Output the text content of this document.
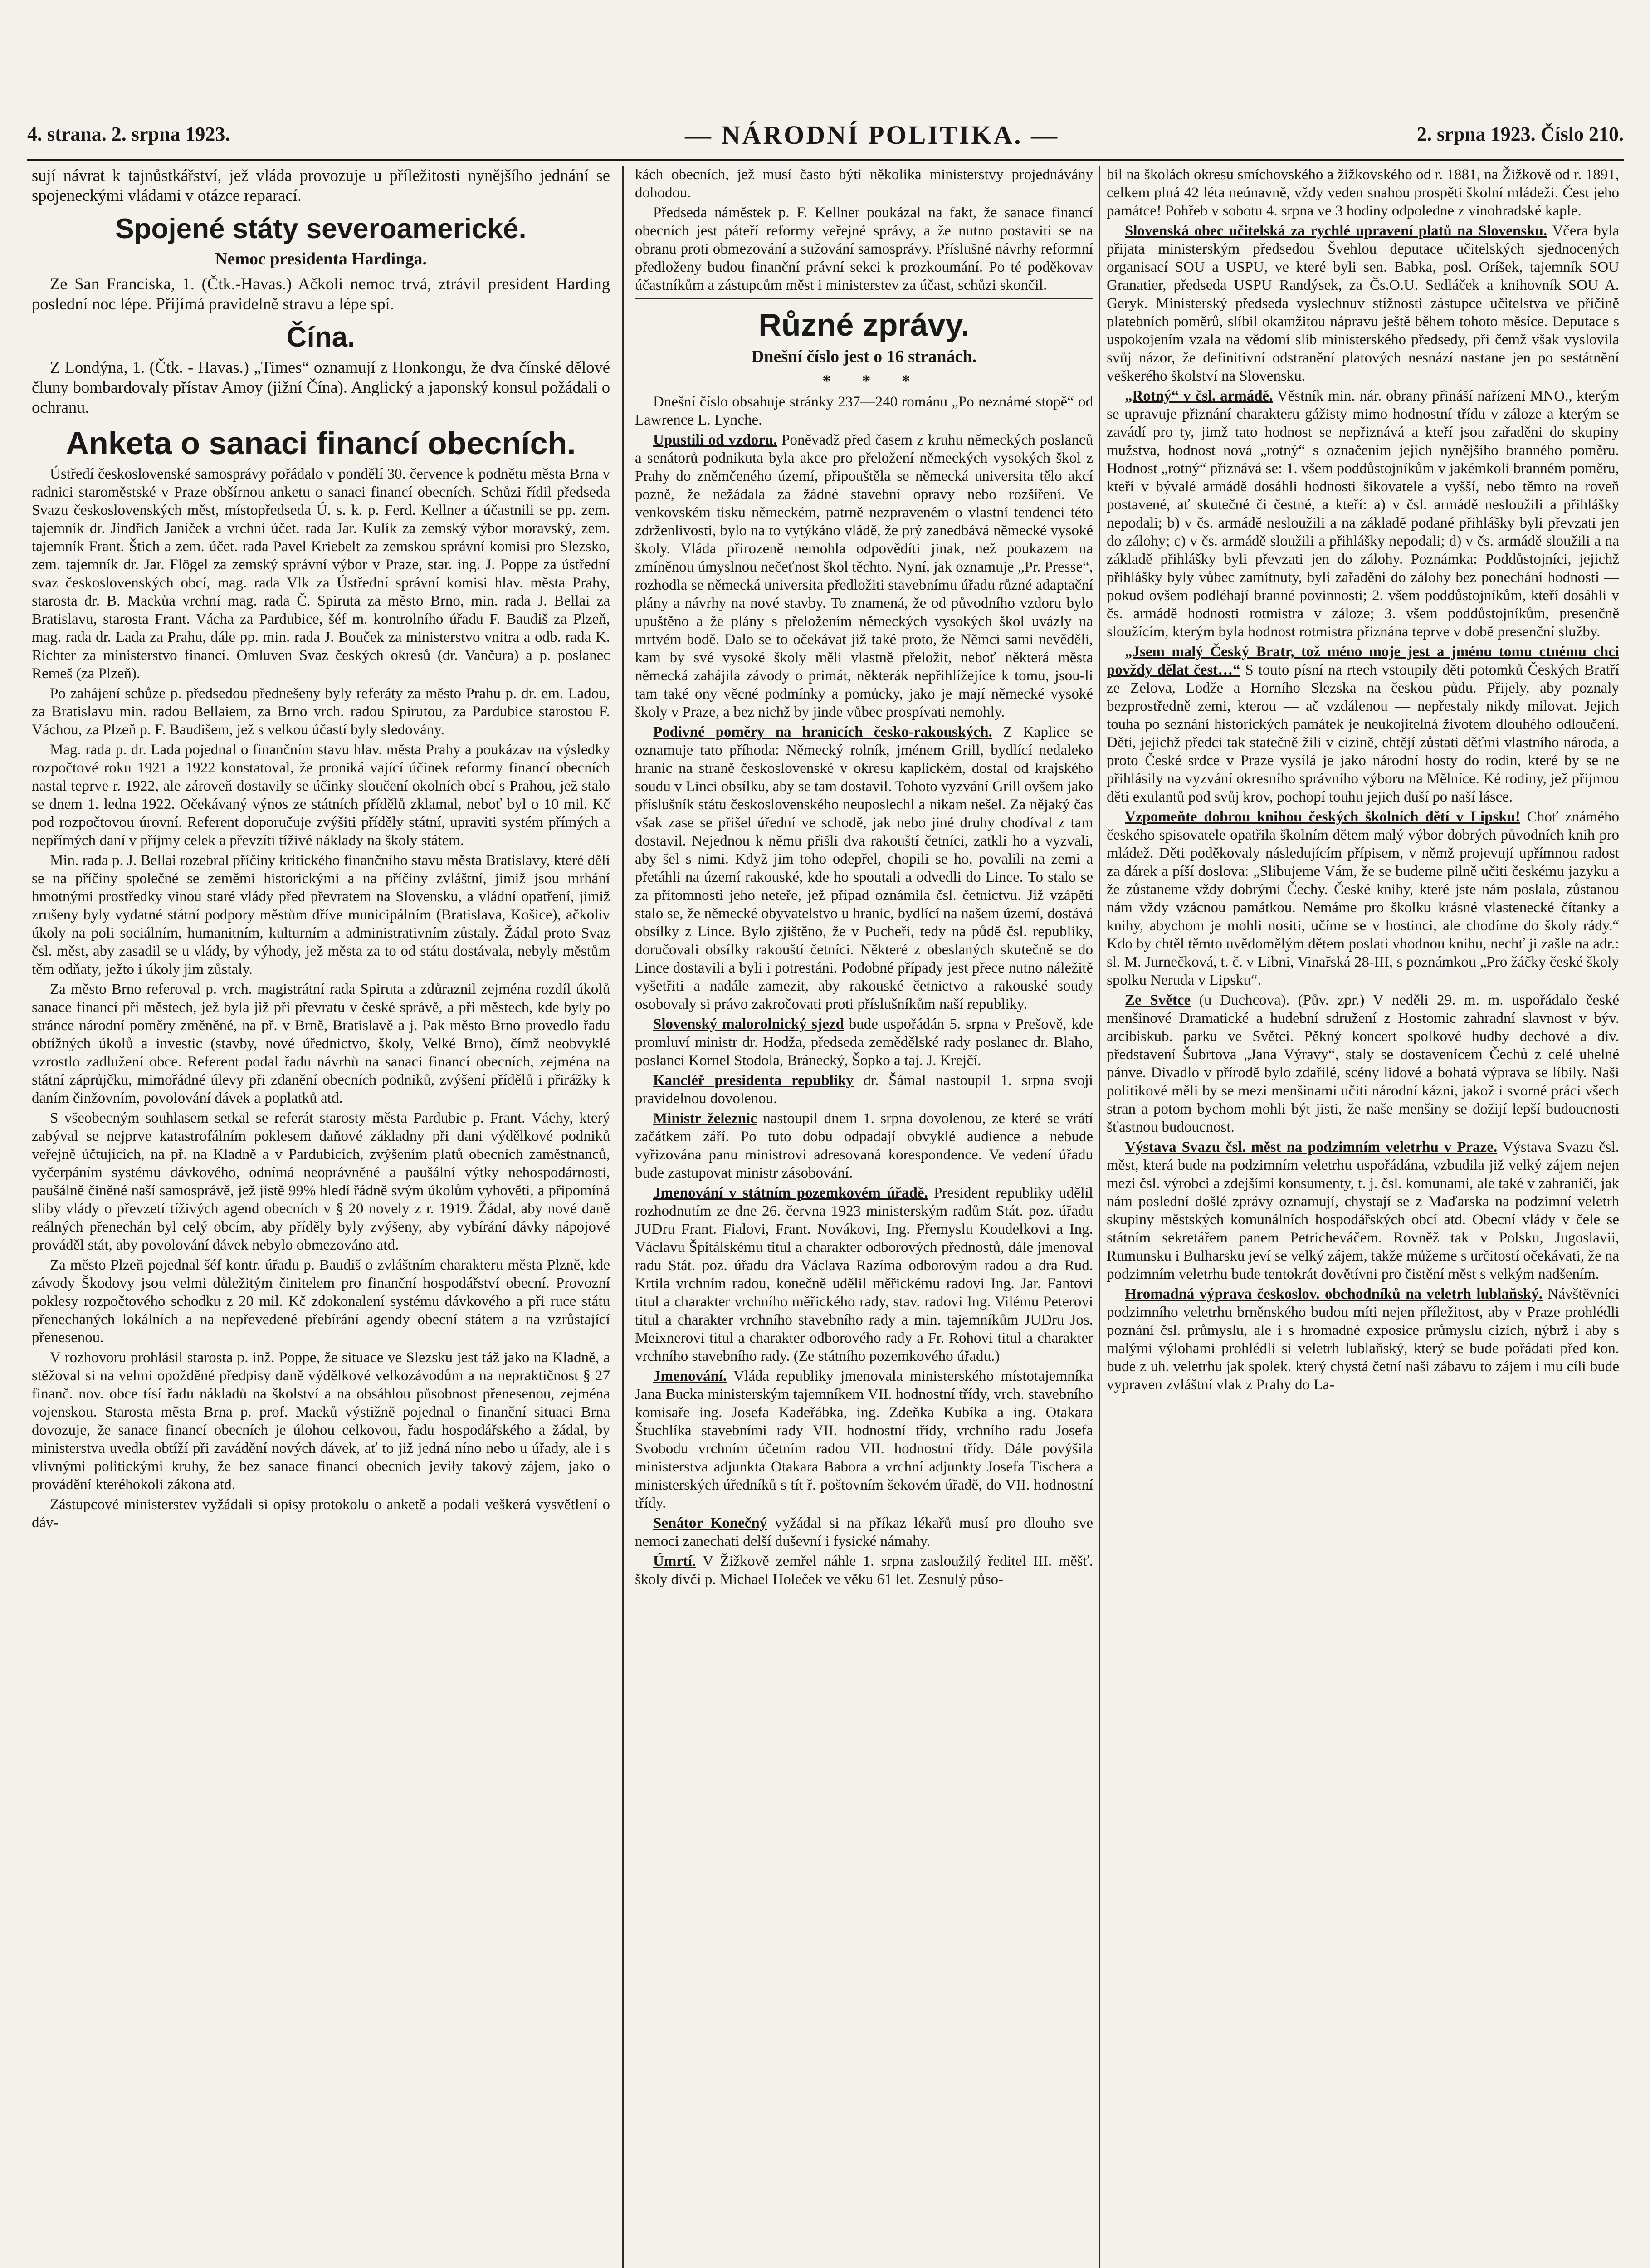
4. strana. 2. srpna 1923.	— NÁRODNÍ POLITIKA. —	2. srpna 1923. Číslo 210.

sují návrat k tajnůstkářství, jež vláda provozuje u příležitosti nynějšího jednání se spojeneckými vládami v otázce reparací.

Spojené státy severoamerické.
Nemoc presidenta Hardinga.

Ze San Franciska, 1. (Čtk.-Havas.) Ačkoli nemoc trvá, ztrávil president Harding poslední noc lépe. Přijímá pravidelně stravu a lépe spí.

Čína.

Z Londýna, 1. (Čtk. - Havas.) „Times“ oznamují z Honkongu, že dva čínské dělové čluny bombardovaly přístav Amoy (jižní Čína). Anglický a japonský konsul požádali o ochranu.

Anketa o sanaci financí obecních.

Ústředí československé samosprávy pořádalo v pondělí 30. července k podnětu města Brna v radnici staroměstské v Praze obšírnou anketu o sanaci financí obecních. Schůzi řídil předseda Svazu československých měst, místopředseda Ú. s. k. p. Ferd. Kellner a účastnili se pp. zem. tajemník dr. Jindřich Janíček a vrchní účet. rada Jar. Kulík za zemský výbor moravský, zem. tajemník Frant. Štich a zem. účet. rada Pavel Kriebelt za zemskou správní komisi pro Slezsko, zem. tajemník dr. Jar. Flögel za zemský správní výbor v Praze, star. ing. J. Poppe za ústřední svaz československých obcí, mag. rada Vlk za Ústřední správní komisi hlav. města Prahy, starosta dr. B. Mackůa vrchní mag. rada Č. Spiruta za město Brno, min. rada J. Bellai za Bratislavu, starosta Frant. Vácha za Pardubice, šéf m. kontrolního úřadu F. Baudiš za Plzeň, mag. rada dr. Lada za Prahu, dále pp. min. rada J. Bouček za ministerstvo vnitra a odb. rada K. Richter za ministerstvo financí. Omluven Svaz českých okresů (dr. Vančura) a p. poslanec Remeš (za Plzeň).

Po zahájení schůze p. předsedou přednešeny byly referáty za město Prahu p. dr. em. Ladou, za Bratislavu min. radou Bellaiem, za Brno vrch. radou Spirutou, za Pardubice starostou F. Váchou, za Plzeň p. F. Baudišem, jež s velkou účastí byly sledovány.

Mag. rada p. dr. Lada pojednal o finančním stavu hlav. města Prahy a poukázav na výsledky rozpočtové roku 1921 a 1922 konstatoval, že proniká vající účinek reformy financí obecních nastal teprve r. 1922, ale zároveň dostavily se účinky sloučení okolních obcí s Prahou, jež stalo se dnem 1. ledna 1922. Očekávaný výnos ze státních přídělů zklamal, neboť byl o 10 mil. Kč pod rozpočtovou úrovní. Referent doporučuje zvýšiti příděly státní, upraviti systém přímých a nepřímých daní v příjmy celek a převzíti tíživé náklady na školy státem.

Min. rada p. J. Bellai rozebral příčiny kritického finančního stavu města Bratislavy, které dělí se na příčiny společné se zeměmi historickými a na příčiny zvláštní, jimiž jsou mrhání hmotnými prostředky vinou staré vlády před převratem na Slovensku, a vládní opatření, jimiž zrušeny byly vydatné státní podpory městům dříve municipálním (Bratislava, Košice), ačkoliv úkoly na poli sociálním, humanitním, kulturním a administrativním zůstaly. Žádal proto Svaz čsl. měst, aby zasadil se u vlády, by výhody, jež města za to od státu dostávala, nebyly městům těm odňaty, ježto i úkoly jim zůstaly.

Za město Brno referoval p. vrch. magistrátní rada Spiruta a zdůraznil zejména rozdíl úkolů sanace financí při městech, jež byla již při převratu v české správě, a při městech, kde byly po stránce národní poměry změněné, na př. v Brně, Bratislavě a j. Pak město Brno provedlo řadu obtížných úkolů a investic (stavby, nové úřednictvo, školy, Velké Brno), čímž neobvyklé vzrostlo zadlužení obce. Referent podal řadu návrhů na sanaci financí obecních, zejména na státní záprůjčku, mimořádné úlevy při zdanění obecních podniků, zvýšení přídělů i přirážky k daním činžovním, povolování dávek a poplatků atd.

S všeobecným souhlasem setkal se referát starosty města Pardubic p. Frant. Váchy, který zabýval se nejprve katastrofálním poklesem daňové základny při dani výdělkové podniků veřejně účtujících, na př. na Kladně a v Pardubicích, zvýšením platů obecních zaměstnanců, vyčerpáním systému dávkového, odnímá neoprávněné a paušální výtky nehospodárnosti, paušálně činěné naší samosprávě, jež jistě 99% hledí řádně svým úkolům vyhověti, a připomíná sliby vlády o převzetí tíživých agend obecních v § 20 novely z r. 1919. Žádal, aby nové daně reálných přenechán byl celý obcím, aby příděly byly zvýšeny, aby vybírání dávky nápojové prováděl stát, aby povolování dávek nebylo obmezováno atd.

Za město Plzeň pojednal šéf kontr. úřadu p. Baudiš o zvláštním charakteru města Plzně, kde závody Škodovy jsou velmi důležitým činitelem pro finanční hospodářství obecní. Provozní poklesy rozpočtového schodku z 20 mil. Kč zdokonalení systému dávkového a při ruce státu přenechaných lokálních a na nepřevedené přebírání agendy obecní státem a na vzrůstající přenesenou.

V rozhovoru prohlásil starosta p. inž. Poppe, že situace ve Slezsku jest táž jako na Kladně, a stěžoval si na velmi opožděné předpisy daně výdělkové velkozávodům a na nepraktičnost § 27 finanč. nov. obce tísí řadu nákladů na školství a na obsáhlou působnost přenesenou, zejména vojenskou. Starosta města Brna p. prof. Macků výstižně pojednal o finanční situaci Brna dovozuje, že sanace financí obecních je úlohou celkovou, řadu hospodářského a žádal, by ministerstva uvedla obtíží při zavádění nových dávek, ať to již jedná níno nebo u úřady, ale i s vlivnými politickými kruhy, že bez sanace financí obecních jeviły takový zájem, jako o provádění kteréhokoli zákona atd.

Zástupcové ministerstev vyžádali si opisy protokolu o anketě a podali veškerá vysvětlení o dáv-

kách obecních, jež musí často býti několika ministerstvy projednávány dohodou.

Předseda náměstek p. F. Kellner poukázal na fakt, že sanace financí obecních jest páteří reformy veřejné správy, a že nutno postaviti se na obranu proti obmezování a sužování samosprávy. Příslušné návrhy reformní předloženy budou finanční právní sekci k prozkoumání. Po té poděkovav účastníkům a zástupcům měst i ministerstev za účast, schůzi skončil.

Různé zprávy.
Dnešní číslo jest o 16 stranách.

* * *

Dnešní číslo obsahuje stránky 237—240 románu „Po neznámé stopě“ od Lawrence L. Lynche.

Upustili od vzdoru. Poněvadž před časem z kruhu německých poslanců a senátorů podnikuta byla akce pro přeložení německých vysokých škol z Prahy do zněmčeného území, připouštěla se německá universita tělo akcí pozně, že nežádala za žádné stavební opravy nebo rozšíření. Ve venkovském tisku německém, patrně nezpraveném o vlastní tendenci této zdrženlivosti, bylo na to vytýkáno vládě, že prý zanedbává německé vysoké školy. Vláda přirozeně nemohla odpovědíti jinak, než poukazem na zmíněnou úmyslnou nečeťnost škol těchto. Nyní, jak oznamuje „Pr. Presse“, rozhodla se německá universita předložiti stavebnímu úřadu různé adaptační plány a návrhy na nové stavby. To znamená, že od původního vzdoru bylo upuštěno a že plány s přeložením německých vysokých škol uvázly na mrtvém bodě. Dalo se to očekávat již také proto, že Němci sami nevěděli, kam by své vysoké školy měli vlastně přeložit, neboť některá města německá zahájila závody o primát, některák nepřihlížejíce k tomu, jsou-li tam také ony věcné podmínky a pomůcky, jako je mají německé vysoké školy v Praze, a bez nichž by jinde vůbec prospívati nemohly.

Podivné poměry na hranicích česko-rakouských. Z Kaplice se oznamuje tato příhoda: Německý rolník, jménem Grill, bydlící nedaleko hranic na straně československé v okresu kaplickém, dostal od krajského soudu v Linci obsílku, aby se tam dostavil. Tohoto vyzvání Grill ovšem jako příslušník státu československého neuposlechl a nikam nešel. Za nějaký čas však zase se přišel úřední ve schodě, jak nebo jiné druhy chodíval z tam dostavil. Nejednou k němu přišli dva rakouští četníci, zatkli ho a vyzvali, aby šel s nimi. Když jim toho odepřel, chopili se ho, povalili na zemi a přetáhli na území rakouské, kde ho spoutali a odvedli do Lince. To stalo se za přítomnosti jeho neteře, jež případ oznámila čsl. četnictvu. Již vzápětí stalo se, že německé obyvatelstvo u hranic, bydlící na našem území, dostává obsílky z Lince. Bylo zjištěno, že v Pucheři, tedy na půdě čsl. republiky, doručovali obsílky rakouští četníci. Některé z obeslaných skutečně se do Lince dostavili a byli i potrestáni. Podobné případy jest přece nutno náležitě vyšetřiti a nadále zamezit, aby rakouské četnictvo a rakouské soudy osobovaly si právo zakročovati proti příslušníkům naší republiky.

Slovenský malorolnický sjezd bude uspořádán 5. srpna v Prešově, kde promluví ministr dr. Hodža, předseda zemědělské rady poslanec dr. Blaho, poslanci Kornel Stodola, Bránecký, Šopko a taj. J. Krejčí.

Kancléř presidenta republiky dr. Šámal nastoupil 1. srpna svoji pravidelnou dovolenou.

Ministr železnic nastoupil dnem 1. srpna dovolenou, ze které se vrátí začátkem září. Po tuto dobu odpadají obvyklé audience a nebude vyřizována panu ministrovi adresovaná korespondence. Ve vedení úřadu bude zastupovat ministr zásobování.

Jmenování v státním pozemkovém úřadě. President republiky udělil rozhodnutím ze dne 26. června 1923 ministerským radům Stát. poz. úřadu JUDru Frant. Fialovi, Frant. Novákovi, Ing. Přemyslu Koudelkovi a Ing. Václavu Špitálskému titul a charakter odborových přednostů, dále jmenoval radu Stát. poz. úřadu dra Václava Razíma odborovým radou a dra Rud. Krtila vrchním radou, konečně udělil měřickému radovi Ing. Jar. Fantovi titul a charakter vrchního měřického rady, stav. radovi Ing. Vilému Peterovi titul a charakter vrchního stavebního rady a min. tajemníkům JUDru Jos. Meixnerovi titul a charakter odborového rady a Fr. Rohovi titul a charakter vrchního stavebního rady. (Ze státního pozemkového úřadu.)

Jmenování. Vláda republiky jmenovala ministerského místotajemníka Jana Bucka ministerským tajemníkem VII. hodnostní třídy, vrch. stavebního komisaře ing. Josefa Kadeřábka, ing. Zdeňka Kubíka a ing. Otakara Štuchlíka stavebními rady VII. hodnostní třídy, vrchního radu Josefa Svobodu vrchním účetním radou VII. hodnostní třídy. Dále povýšila ministerstva adjunkta Otakara Babora a vrchní adjunkty Josefa Tischera a ministerských úředníků s tít ř. poštovním šekovém úřadě, do VII. hodnostní třídy.

Senátor Konečný vyžádal si na příkaz lékařů musí pro dlouho sve nemoci zanechati delší duševní i fysické námahy.

Úmrtí. V Žižkově zemřel náhle 1. srpna zasloužilý ředitel III. měšť. školy dívčí p. Michael Holeček ve věku 61 let. Zesnulý půso-

bil na školách okresu smíchovského a žižkovského od r. 1881, na Žižkově od r. 1891, celkem plná 42 léta neúnavně, vždy veden snahou prospěti školní mládeži. Čest jeho památce! Pohřeb v sobotu 4. srpna ve 3 hodiny odpoledne z vinohradské kaple.

Slovenská obec učitelská za rychlé upravení platů na Slovensku. Včera byla přijata ministerským předsedou Švehlou deputace učitelských sjednocených organisací SOU a USPU, ve které byli sen. Babka, posl. Oríšek, tajemník SOU Granatier, předseda USPU Randýsek, za Čs.O.U. Sedláček a knihovník SOU A. Geryk. Ministerský předseda vyslechnuv stížnosti zástupce učitelstva ve příčině platebních poměrů, slíbil okamžitou nápravu ještě během tohoto měsíce. Deputace s uspokojením vzala na vědomí slib ministerského předsedy, při čemž však vyslovila svůj názor, že definitivní odstranění platových nesnází nastane jen po sestátnění veškerého školství na Slovensku.

„Rotný“ v čsl. armádě. Věstník min. nár. obrany přináší nařízení MNO., kterým se upravuje přiznání charakteru gážisty mimo hodnostní třídu v záloze a kterým se zavádí pro ty, jimž tato hodnost se nepřiznává a kteří jsou zařaděni do skupiny mužstva, hodnost nová „rotný“ s označením jejich nynějšího branného poměru. Hodnost „rotný“ přiznává se: 1. všem poddůstojníkům v jakémkoli branném poměru, kteří v bývalé armádě dosáhli hodnosti šikovatele a vyšší, nebo těmto na roveň postavené, ať skutečné či čestné, a kteří: a) v čsl. armádě nesloužili a přihlášky nepodali; b) v čs. armádě nesloužili a na základě podané přihlášky byli převzati jen do zálohy; c) v čs. armádě sloužili a přihlášky nepodali; d) v čs. armádě sloužili a na základě přihlášky byli převzati jen do zálohy. Poznámka: Poddůstojníci, jejichž přihlášky byly vůbec zamítnuty, byli zařaděni do zálohy bez ponechání hodnosti — pokud ovšem podléhají branné povinnosti; 2. všem poddůstojníkům, kteří dosáhli v čs. armádě hodnosti rotmistra v záloze; 3. všem poddůstojníkům, presenčně sloužícím, kterým byla hodnost rotmistra přiznána teprve v době presenční služby.

„Jsem malý Český Bratr, tož méno moje jest a jménu tomu ctnému chci povždy dělat čest…“ S touto písní na rtech vstoupily děti potomků Českých Bratří ze Zelova, Lodže a Horního Slezska na českou půdu. Přijely, aby poznaly bezprostředně zemi, kterou — ač vzdálenou — nepřestaly nikdy milovat. Jejich touha po seznání historických památek je neukojitelná životem dlouhého odloučení. Děti, jejichž předci tak statečně žili v cizině, chtějí zůstati děťmi vlastního národa, a proto České srdce v Praze vysílá je jako národní hosty do rodin, které by se ne přihlásily na vyzvání okresního správního výboru na Mělníce. Ké rodiny, jež přijmou děti exulantů pod svůj krov, pochopí touhu jejich duší po naší lásce.

Vzpomeňte dobrou knihou českých školních dětí v Lipsku! Choť známého českého spisovatele opatřila školním dětem malý výbor dobrých původních knih pro mládež. Děti poděkovaly následujícím přípisem, v němž projevují upřímnou radost za dárek a píší doslova: „Slibujeme Vám, že se budeme pilně učiti českému jazyku a že zůstaneme vždy dobrými Čechy. České knihy, které jste nám poslala, zůstanou nám vždy vzácnou památkou. Nemáme pro školku krásné vlastenecké čítanky a knihy, abychom je mohli nositi, učíme se v hostinci, ale chodíme do školy rády.“ Kdo by chtěl těmto uvědomělým dětem poslati vhodnou knihu, nechť ji zašle na adr.: sl. M. Jurnečková, t. č. v Libni, Vinařská 28-III, s poznámkou „Pro žáčky české školy spolku Neruda v Lipsku“.

Ze Světce (u Duchcova). (Pův. zpr.) V neděli 29. m. m. uspořádalo české menšinové Dramatické a hudební sdružení z Hostomic zahradní slavnost v býv. arcibiskub. parku ve Světci. Pěkný koncert spolkové hudby dechové a div. představení Šubrtova „Jana Výravy“, staly se dostavenícem Čechů z celé uhelné pánve. Divadlo v přírodě bylo zdařilé, scény lidové a bohatá výprava se líbily. Naši politikové měli by se mezi menšinami učiti národní kázni, jakož i svorné práci všech stran a potom bychom mohli být jisti, že naše menšiny se dožijí lepší budoucnosti šťastnou budoucnost.

Výstava Svazu čsl. měst na podzimním veletrhu v Praze. Výstava Svazu čsl. měst, která bude na podzimním veletrhu uspořádána, vzbudila již velký zájem nejen mezi čsl. výrobci a zdejšími konsumenty, t. j. čsl. komunami, ale také v zahraničí, jak nám poslední došlé zprávy oznamují, chystají se z Maďarska na podzimní veletrh skupiny městských komunálních hospodářských obcí atd. Obecní vlády v čele se státním sekretářem panem Petricheváčem. Rovněž tak v Polsku, Jugoslavii, Rumunsku i Bulharsku jeví se velký zájem, takže můžeme s určitostí očekávati, že na podzimním veletrhu bude tentokrát dovětívni pro čistění měst s velkým nadšením.

Hromadná výprava českoslov. obchodníků na veletrh lublaňský. Návštěvníci podzimního veletrhu brněnského budou míti nejen příležitost, aby v Praze prohlédli poznání čsl. průmyslu, ale i s hromadné exposice průmyslu cizích, nýbrž i aby s malými výlohami prohlédli si veletrh lublaňský, který se bude pořádati před kon. bude z uh. veletrhu jak spolek. který chystá četní naši zábavu to zájem i mu cíli bude vypraven zvláštní vlak z Prahy do La-
